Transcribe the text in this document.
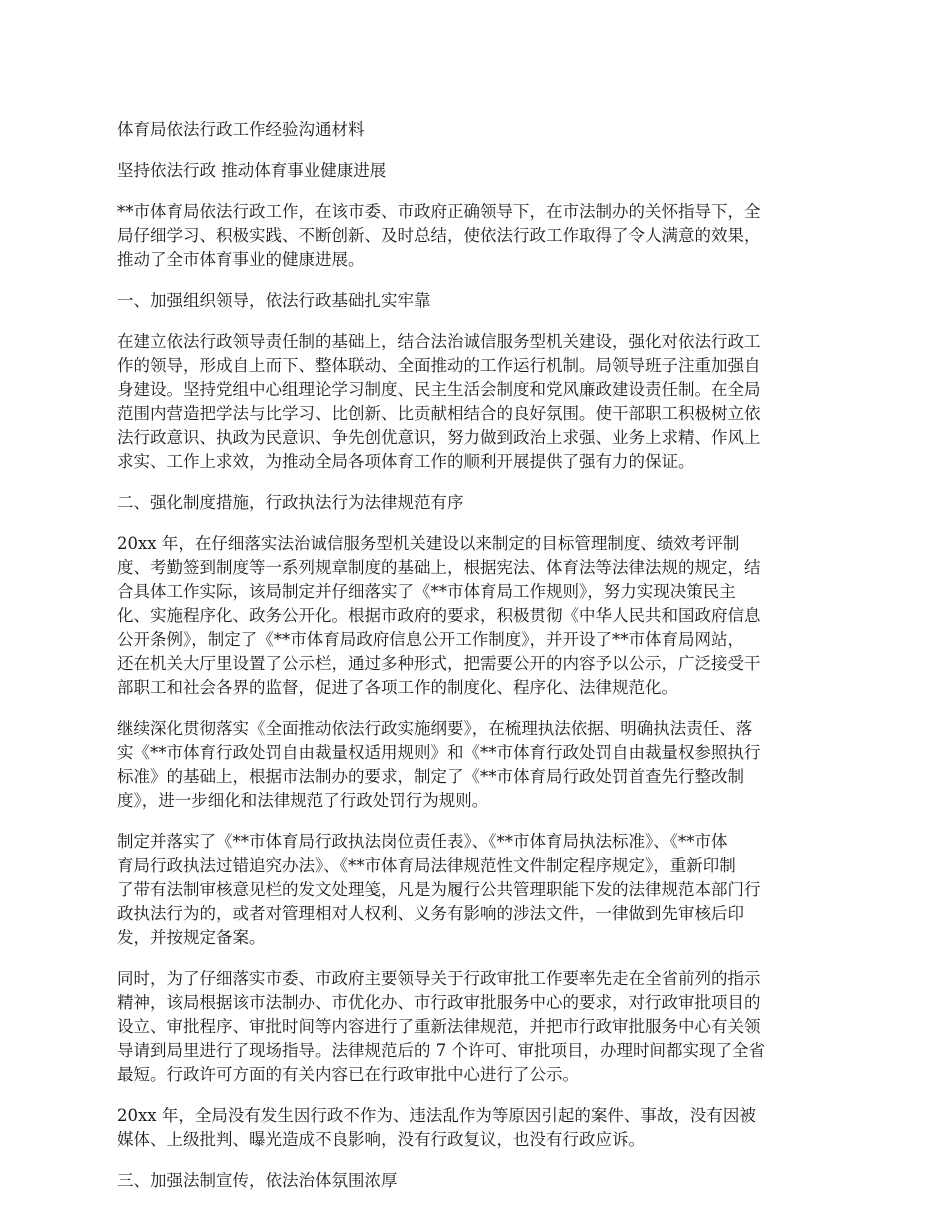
体育局依法行政工作经验沟通材料
坚持依法行政 推动体育事业健康进展
**市体育局依法行政工作，在该市委、市政府正确领导下，在市法制办的关怀指导下，全
局仔细学习、积极实践、不断创新、及时总结，使依法行政工作取得了令人满意的效果，
推动了全市体育事业的健康进展。
一、加强组织领导，依法行政基础扎实牢靠
在建立依法行政领导责任制的基础上，结合法治诚信服务型机关建设，强化对依法行政工
作的领导，形成自上而下、整体联动、全面推动的工作运行机制。局领导班子注重加强自
身建设。坚持党组中心组理论学习制度、民主生活会制度和党风廉政建设责任制。在全局
范围内营造把学法与比学习、比创新、比贡献相结合的良好氛围。使干部职工积极树立依
法行政意识、执政为民意识、争先创优意识，努力做到政治上求强、业务上求精、作风上
求实、工作上求效，为推动全局各项体育工作的顺利开展提供了强有力的保证。
二、强化制度措施，行政执法行为法律规范有序
20xx 年，在仔细落实法治诚信服务型机关建设以来制定的目标管理制度、绩效考评制
度、考勤签到制度等一系列规章制度的基础上，根据宪法、体育法等法律法规的规定，结
合具体工作实际，该局制定并仔细落实了《**市体育局工作规则》，努力实现决策民主
化、实施程序化、政务公开化。根据市政府的要求，积极贯彻《中华人民共和国政府信息
公开条例》，制定了《**市体育局政府信息公开工作制度》，并开设了**市体育局网站，
还在机关大厅里设置了公示栏，通过多种形式，把需要公开的内容予以公示，广泛接受干
部职工和社会各界的监督，促进了各项工作的制度化、程序化、法律规范化。
继续深化贯彻落实《全面推动依法行政实施纲要》，在梳理执法依据、明确执法责任、落
实《**市体育行政处罚自由裁量权适用规则》和《**市体育行政处罚自由裁量权参照执行
标准》的基础上，根据市法制办的要求，制定了《**市体育局行政处罚首查先行整改制
度》，进一步细化和法律规范了行政处罚行为规则。
制定并落实了《**市体育局行政执法岗位责任表》、《**市体育局执法标准》、《**市体
育局行政执法过错追究办法》、《**市体育局法律规范性文件制定程序规定》，重新印制
了带有法制审核意见栏的发文处理笺，凡是为履行公共管理职能下发的法律规范本部门行
政执法行为的，或者对管理相对人权利、义务有影响的涉法文件，一律做到先审核后印
发，并按规定备案。
同时，为了仔细落实市委、市政府主要领导关于行政审批工作要率先走在全省前列的指示
精神，该局根据该市法制办、市优化办、市行政审批服务中心的要求，对行政审批项目的
设立、审批程序、审批时间等内容进行了重新法律规范，并把市行政审批服务中心有关领
导请到局里进行了现场指导。法律规范后的 7 个许可、审批项目，办理时间都实现了全省
最短。行政许可方面的有关内容已在行政审批中心进行了公示。
20xx 年，全局没有发生因行政不作为、违法乱作为等原因引起的案件、事故，没有因被
媒体、上级批判、曝光造成不良影响，没有行政复议，也没有行政应诉。
三、加强法制宣传，依法治体氛围浓厚
